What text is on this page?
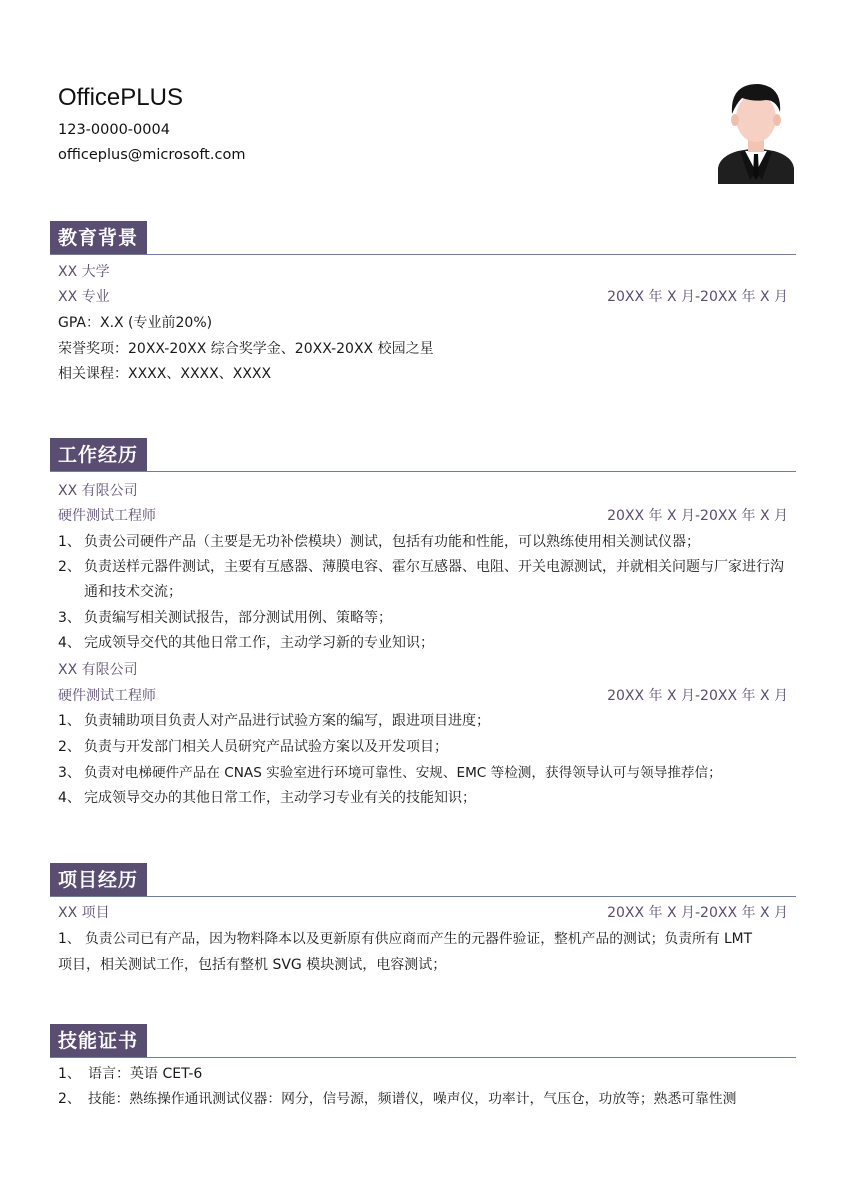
OfficePLUS
123-0000-0004
officeplus@microsoft.com
教育背景
XX 大学
XX 专业	20XX 年 X 月-20XX 年 X 月
GPA：X.X (专业前20%)
荣誉奖项：20XX-20XX 综合奖学金、20XX-20XX 校园之星
相关课程：XXXX、XXXX、XXXX
工作经历
XX 有限公司
硬件测试工程师	20XX 年 X 月-20XX 年 X 月
1、 负责公司硬件产品（主要是无功补偿模块）测试，包括有功能和性能，可以熟练使用相关测试仪器；
2、 负责送样元器件测试，主要有互感器、薄膜电容、霍尔互感器、电阻、开关电源测试，并就相关问题与厂家进行沟通和技术交流；
3、 负责编写相关测试报告，部分测试用例、策略等；
4、 完成领导交代的其他日常工作，主动学习新的专业知识；
XX 有限公司
硬件测试工程师	20XX 年 X 月-20XX 年 X 月
1、 负责辅助项目负责人对产品进行试验方案的编写，跟进项目进度；
2、 负责与开发部门相关人员研究产品试验方案以及开发项目；
3、 负责对电梯硬件产品在 CNAS 实验室进行环境可靠性、安规、EMC 等检测，获得领导认可与领导推荐信；
4、 完成领导交办的其他日常工作，主动学习专业有关的技能知识；
项目经历
XX 项目	20XX 年 X 月-20XX 年 X 月
1、 负责公司已有产品，因为物料降本以及更新原有供应商而产生的元器件验证，整机产品的测试；负责所有 LMT
项目，相关测试工作，包括有整机 SVG 模块测试，电容测试；
技能证书
1、 语言：英语 CET-6
2、 技能：熟练操作通讯测试仪器：网分，信号源，频谱仪，噪声仪，功率计，气压仓，功放等；熟悉可靠性测
